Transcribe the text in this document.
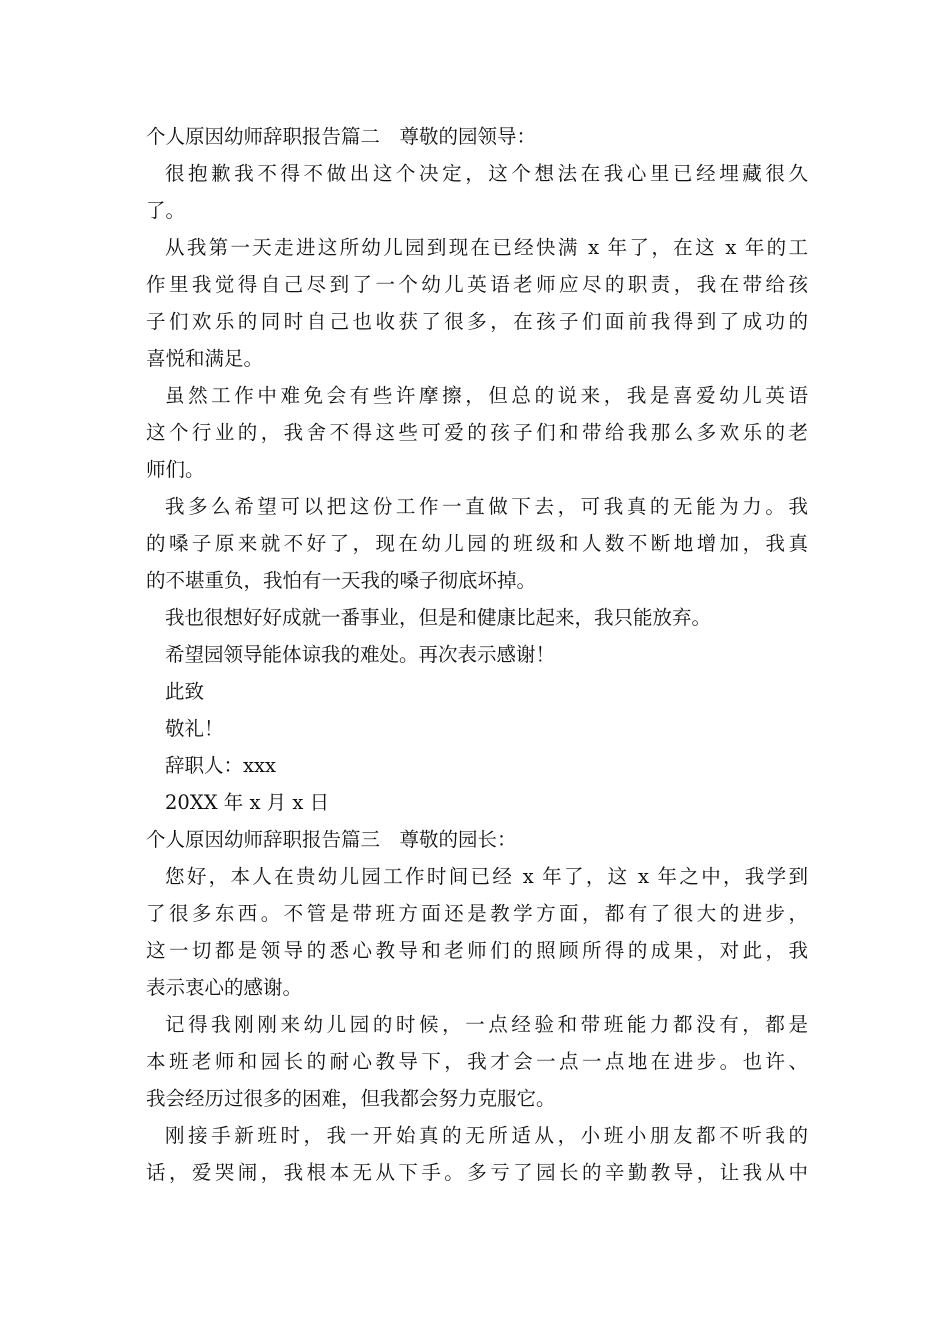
个人原因幼师辞职报告篇二　尊敬的园领导：
很抱歉我不得不做出这个决定，这个想法在我心里已经埋藏很久
了。
从我第一天走进这所幼儿园到现在已经快满 x 年了，在这 x 年的工
作里我觉得自己尽到了一个幼儿英语老师应尽的职责，我在带给孩
子们欢乐的同时自己也收获了很多，在孩子们面前我得到了成功的
喜悦和满足。
虽然工作中难免会有些许摩擦，但总的说来，我是喜爱幼儿英语
这个行业的，我舍不得这些可爱的孩子们和带给我那么多欢乐的老
师们。
我多么希望可以把这份工作一直做下去，可我真的无能为力。我
的嗓子原来就不好了，现在幼儿园的班级和人数不断地增加，我真
的不堪重负，我怕有一天我的嗓子彻底坏掉。
我也很想好好成就一番事业，但是和健康比起来，我只能放弃。
希望园领导能体谅我的难处。再次表示感谢！
此致
敬礼！
辞职人：xxx
20XX 年 x 月 x 日
个人原因幼师辞职报告篇三　尊敬的园长：
您好，本人在贵幼儿园工作时间已经 x 年了，这 x 年之中，我学到
了很多东西。不管是带班方面还是教学方面，都有了很大的进步，
这一切都是领导的悉心教导和老师们的照顾所得的成果，对此，我
表示衷心的感谢。
记得我刚刚来幼儿园的时候，一点经验和带班能力都没有，都是
本班老师和园长的耐心教导下，我才会一点一点地在进步。也许、
我会经历过很多的困难，但我都会努力克服它。
刚接手新班时，我一开始真的无所适从，小班小朋友都不听我的
话，爱哭闹，我根本无从下手。多亏了园长的辛勤教导，让我从中
